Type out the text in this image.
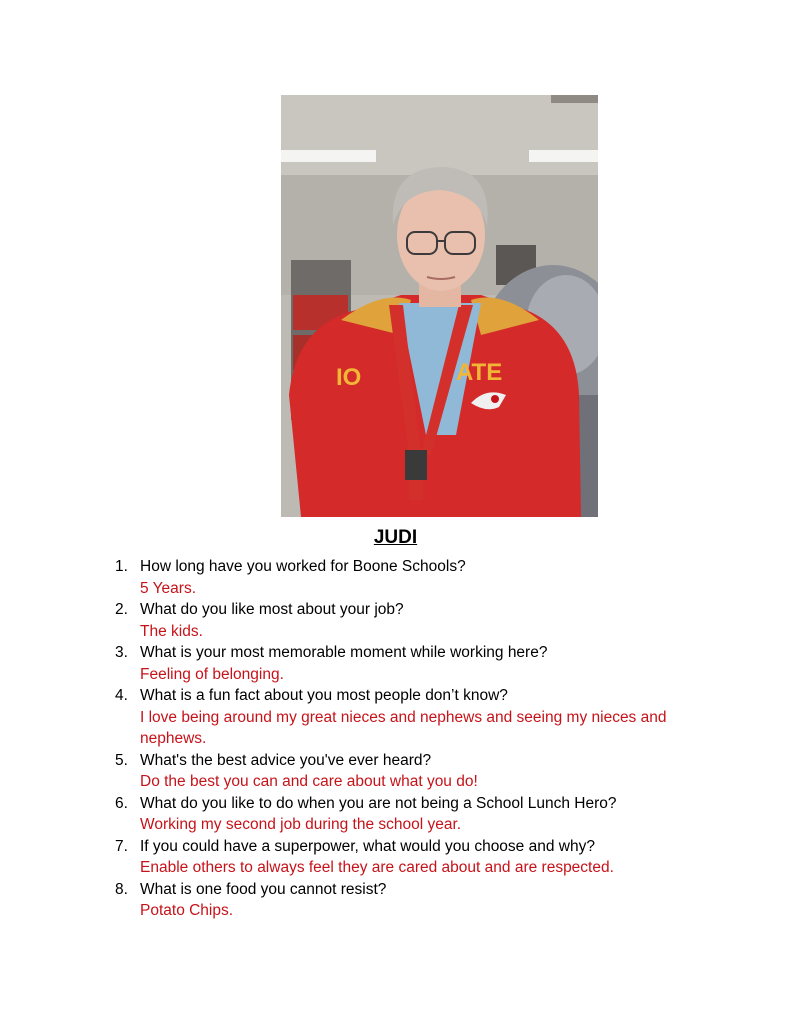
IO	ATE
JUDI
1. How long have you worked for Boone Schools?
5 Years.
2. What do you like most about your job?
The kids.
3. What is your most memorable moment while working here?
Feeling of belonging.
4. What is a fun fact about you most people don’t know?
I love being around my great nieces and nephews and seeing my nieces and nephews.
5. What's the best advice you've ever heard?
Do the best you can and care about what you do!
6. What do you like to do when you are not being a School Lunch Hero?
Working my second job during the school year.
7. If you could have a superpower, what would you choose and why?
Enable others to always feel they are cared about and are respected.
8. What is one food you cannot resist?
Potato Chips.
